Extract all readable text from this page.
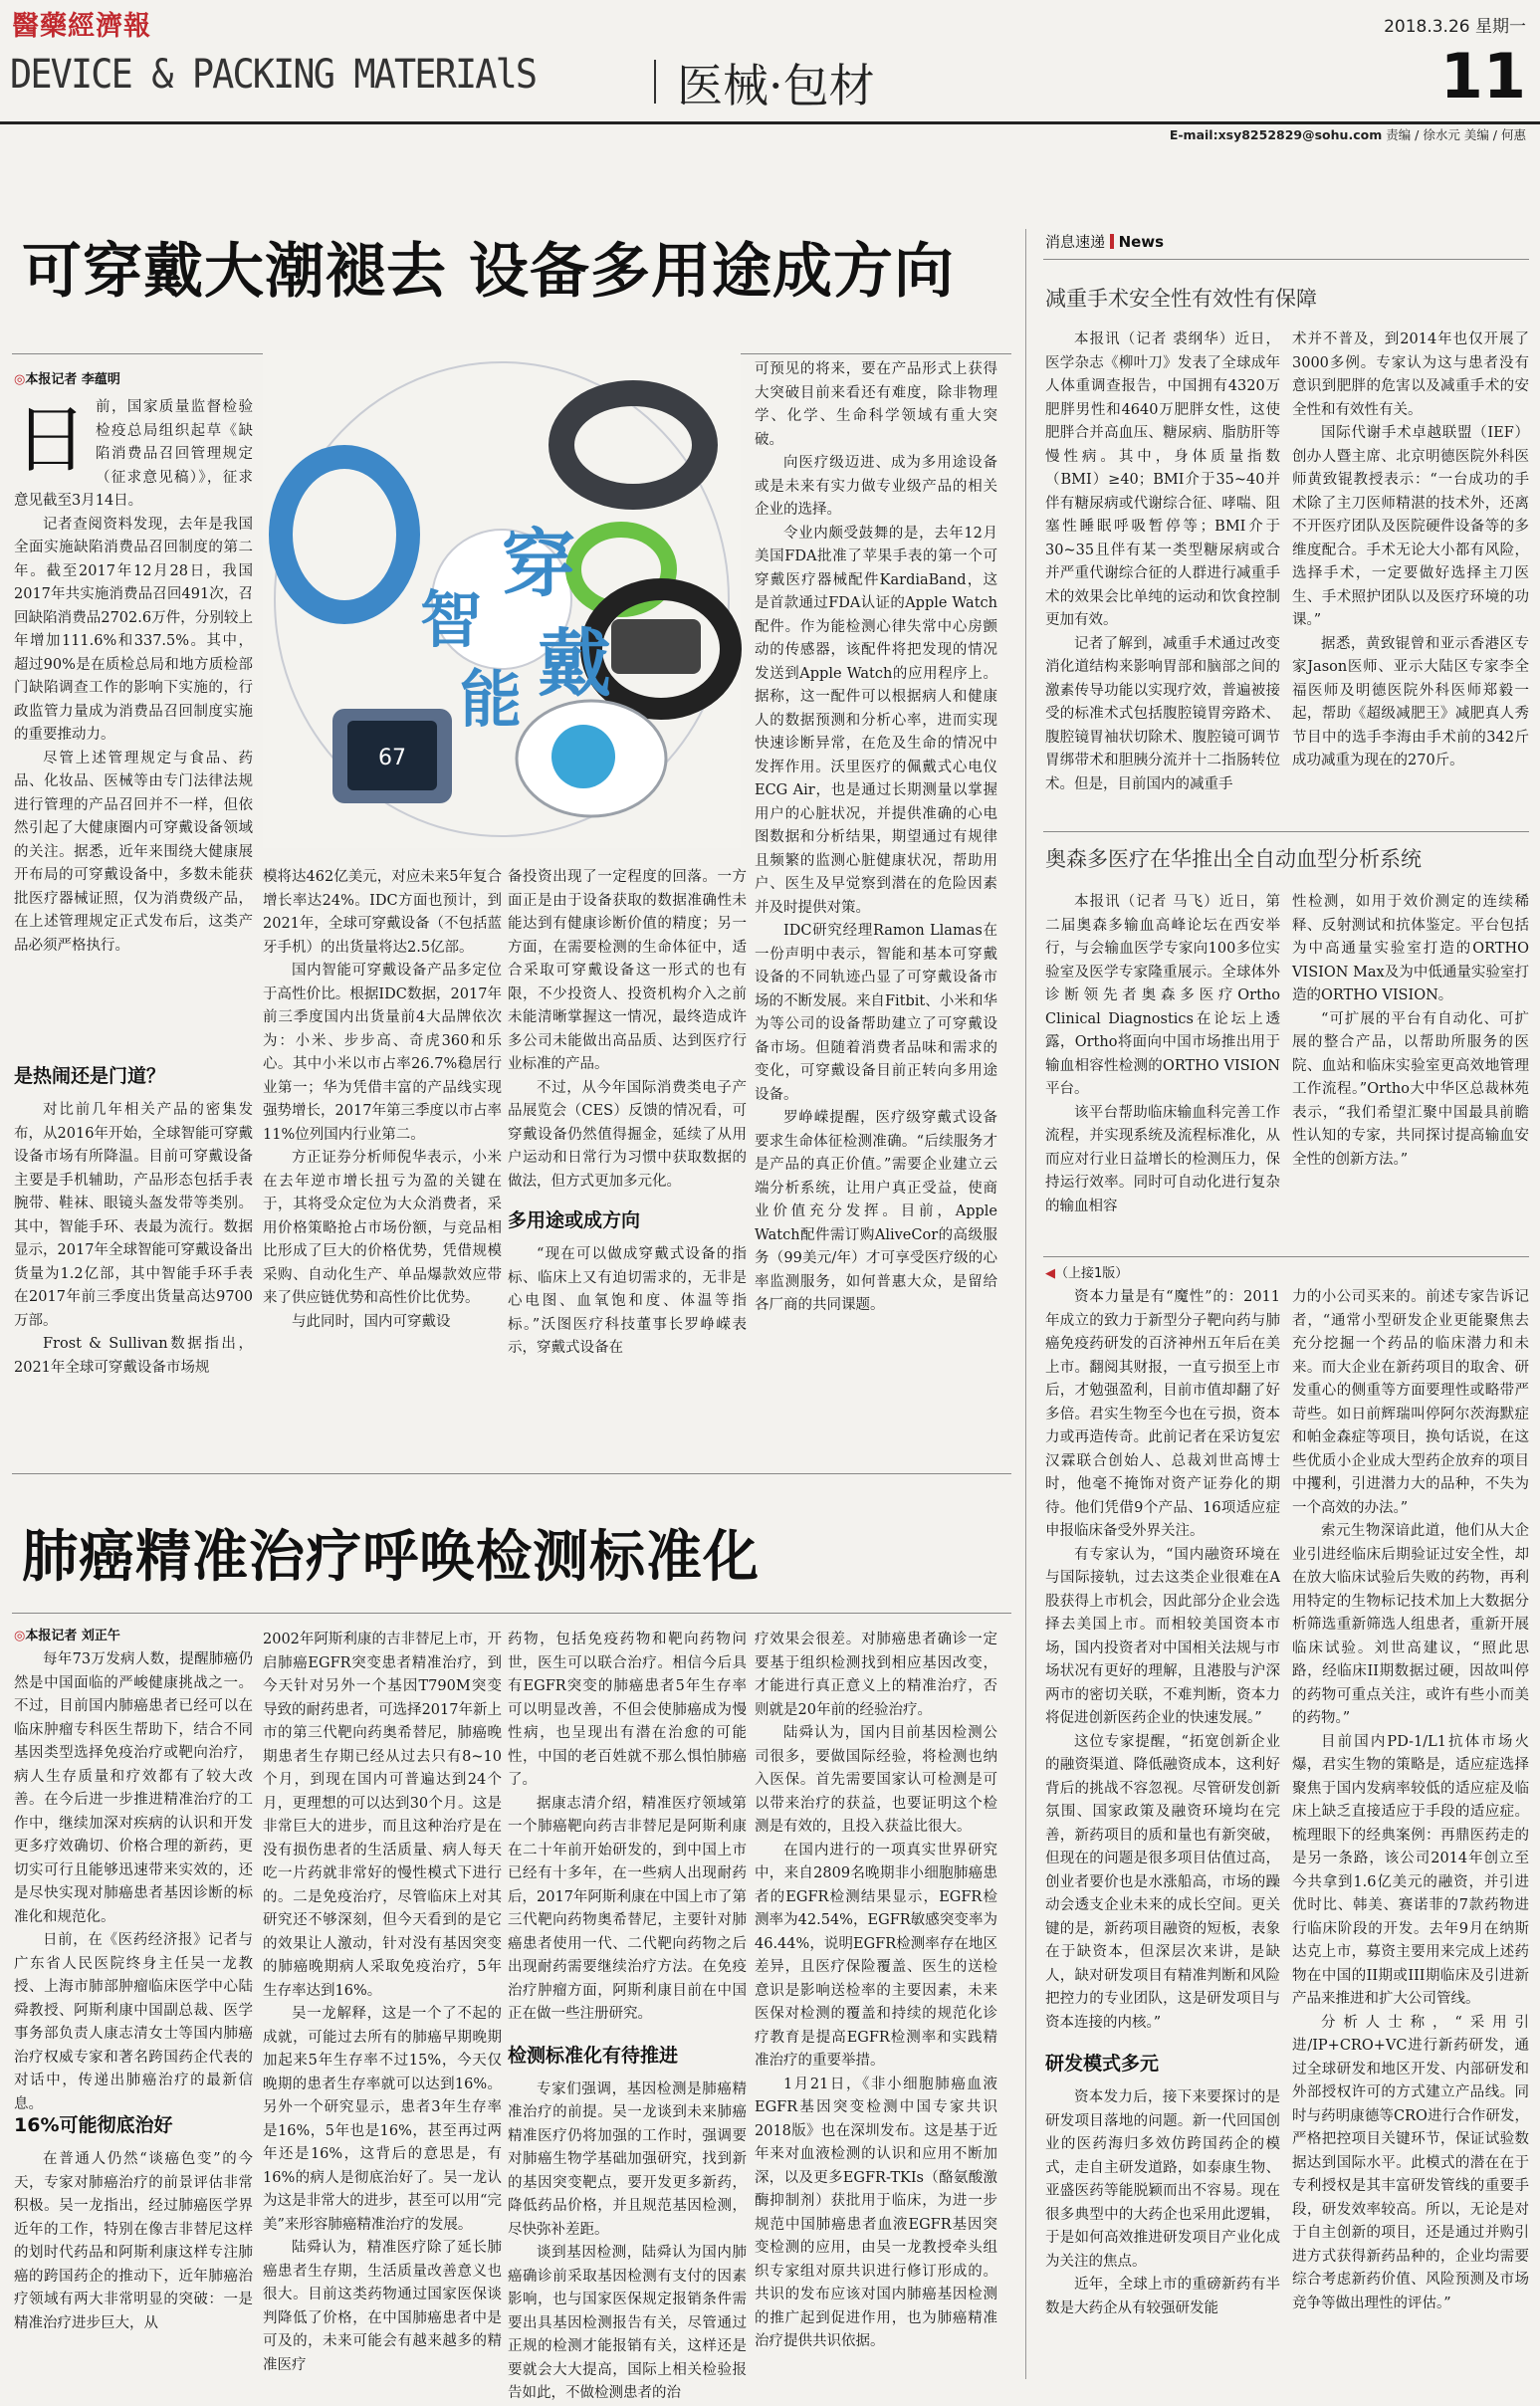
醫藥經濟報	2018.3.26 星期一
DEVICE & PACKING MATERIAlS	医械·包材	11
E-mail:xsy8252829@sohu.com 责编 / 徐水元 美编 / 何惠
可穿戴大潮褪去 设备多用途成方向
◎本报记者 李蕴明
日 前，国家质量监督检验检疫总局组织起草《缺陷消费品召回管理规定（征求意见稿）》，征求意见截至3月14日。

记者查阅资料发现，去年是我国全面实施缺陷消费品召回制度的第二年。截至2017年12月28日，我国2017年共实施消费品召回491次，召回缺陷消费品2702.6万件，分别较上年增加111.6%和337.5%。其中，超过90%是在质检总局和地方质检部门缺陷调查工作的影响下实施的，行政监管力量成为消费品召回制度实施的重要推动力。

尽管上述管理规定与食品、药品、化妆品、医械等由专门法律法规进行管理的产品召回并不一样，但依然引起了大健康圈内可穿戴设备领域的关注。据悉，近年来围绕大健康展开布局的可穿戴设备中，多数未能获批医疗器械证照，仅为消费级产品，在上述管理规定正式发布后，这类产品必须严格执行。

是热闹还是门道？

对比前几年相关产品的密集发布，从2016年开始，全球智能可穿戴设备市场有所降温。目前可穿戴设备主要是手机辅助，产品形态包括手表腕带、鞋袜、眼镜头盔发带等类别。其中，智能手环、表最为流行。数据显示，2017年全球智能可穿戴设备出货量为1.2亿部，其中智能手环手表在2017年前三季度出货量高达9700万部。

Frost & Sullivan数据指出，2021年全球可穿戴设备市场规

67
智
能
穿
戴

模将达462亿美元，对应未来5年复合增长率达24%。IDC方面也预计，到2021年，全球可穿戴设备（不包括蓝牙手机）的出货量将达2.5亿部。

国内智能可穿戴设备产品多定位于高性价比。根据IDC数据，2017年前三季度国内出货量前4大品牌依次为：小米、步步高、奇虎360和乐心。其中小米以市占率26.7%稳居行业第一；华为凭借丰富的产品线实现强势增长，2017年第三季度以市占率11%位列国内行业第二。

方正证券分析师倪华表示，小米在去年逆市增长扭亏为盈的关键在于，其将受众定位为大众消费者，采用价格策略抢占市场份额，与竞品相比形成了巨大的价格优势，凭借规模采购、自动化生产、单品爆款效应带来了供应链优势和高性价比优势。

与此同时，国内可穿戴设

备投资出现了一定程度的回落。一方面正是由于设备获取的数据准确性未能达到有健康诊断价值的精度；另一方面，在需要检测的生命体征中，适合采取可穿戴设备这一形式的也有限，不少投资人、投资机构介入之前未能清晰掌握这一情况，最终造成许多公司未能做出高品质、达到医疗行业标准的产品。

不过，从今年国际消费类电子产品展览会（CES）反馈的情况看，可穿戴设备仍然值得掘金，延续了从用户运动和日常行为习惯中获取数据的做法，但方式更加多元化。

多用途或成方向

“现在可以做成穿戴式设备的指标、临床上又有迫切需求的，无非是心电图、血氧饱和度、体温等指标。”沃图医疗科技董事长罗峥嵘表示，穿戴式设备在

可预见的将来，要在产品形式上获得大突破目前来看还有难度，除非物理学、化学、生命科学领域有重大突破。

向医疗级迈进、成为多用途设备或是未来有实力做专业级产品的相关企业的选择。

令业内颇受鼓舞的是，去年12月美国FDA批准了苹果手表的第一个可穿戴医疗器械配件KardiaBand，这是首款通过FDA认证的Apple Watch配件。作为能检测心律失常中心房颤动的传感器，该配件将把发现的情况发送到Apple Watch的应用程序上。据称，这一配件可以根据病人和健康人的数据预测和分析心率，进而实现快速诊断异常，在危及生命的情况中发挥作用。沃里医疗的佩戴式心电仪ECG Air，也是通过长期测量以掌握用户的心脏状况，并提供准确的心电图数据和分析结果，期望通过有规律且频繁的监测心脏健康状况，帮助用户、医生及早觉察到潜在的危险因素并及时提供对策。

IDC研究经理Ramon Llamas在一份声明中表示，智能和基本可穿戴设备的不同轨迹凸显了可穿戴设备市场的不断发展。来自Fitbit、小米和华为等公司的设备帮助建立了可穿戴设备市场。但随着消费者品味和需求的变化，可穿戴设备目前正转向多用途设备。

罗峥嵘提醒，医疗级穿戴式设备要求生命体征检测准确。“后续服务才是产品的真正价值。”需要企业建立云端分析系统，让用户真正受益，使商业价值充分发挥。目前，Apple Watch配件需订购AliveCor的高级服务（99美元/年）才可享受医疗级的心率监测服务，如何普惠大众，是留给各厂商的共同课题。

消息速递 News
减重手术安全性有效性有保障

本报讯（记者 裘纲华）近日，医学杂志《柳叶刀》发表了全球成年人体重调查报告，中国拥有4320万肥胖男性和4640万肥胖女性，这使肥胖合并高血压、糖尿病、脂肪肝等慢性病。其中，身体质量指数（BMI）≥40；BMI介于35~40并伴有糖尿病或代谢综合征、哮喘、阻塞性睡眠呼吸暂停等；BMI介于30~35且伴有某一类型糖尿病或合并严重代谢综合征的人群进行减重手术的效果会比单纯的运动和饮食控制更加有效。

记者了解到，减重手术通过改变消化道结构来影响胃部和脑部之间的激素传导功能以实现疗效，普遍被接受的标准术式包括腹腔镜胃旁路术、腹腔镜胃袖状切除术、腹腔镜可调节胃绑带术和胆胰分流并十二指肠转位术。但是，目前国内的减重手

术并不普及，到2014年也仅开展了3000多例。专家认为这与患者没有意识到肥胖的危害以及减重手术的安全性和有效性有关。

国际代谢手术卓越联盟（IEF）创办人暨主席、北京明德医院外科医师黄致锟教授表示：“一台成功的手术除了主刀医师精湛的技术外，还离不开医疗团队及医院硬件设备等的多维度配合。手术无论大小都有风险，选择手术，一定要做好选择主刀医生、手术照护团队以及医疗环境的功课。”

据悉，黄致锟曾和亚示香港区专家Jason医师、亚示大陆区专家李全福医师及明德医院外科医师郑毅一起，帮助《超级减肥王》减肥真人秀节目中的选手李海由手术前的342斤成功减重为现在的270斤。

奥森多医疗在华推出全自动血型分析系统

本报讯（记者 马飞）近日，第二届奥森多输血高峰论坛在西安举行，与会输血医学专家向100多位实验室及医学专家隆重展示。全球体外诊断领先者奥森多医疗Ortho Clinical Diagnostics在论坛上透露，Ortho将面向中国市场推出用于输血相容性检测的ORTHO VISION平台。

该平台帮助临床输血科完善工作流程，并实现系统及流程标准化，从而应对行业日益增长的检测压力，保持运行效率。同时可自动化进行复杂的输血相容

性检测，如用于效价测定的连续稀释、反射测试和抗体鉴定。平台包括为中高通量实验室打造的ORTHO VISION Max及为中低通量实验室打造的ORTHO VISION。

“可扩展的平台有自动化、可扩展的整合产品，以帮助所服务的医院、血站和临床实验室更高效地管理工作流程。”Ortho大中华区总裁林苑表示，“我们希望汇聚中国最具前瞻性认知的专家，共同探讨提高输血安全性的创新方法。”

◀（上接1版）

资本力量是有“魔性”的：2011年成立的致力于新型分子靶向药与肺癌免疫药研发的百济神州五年后在美上市。翻阅其财报，一直亏损至上市后，才勉强盈利，目前市值却翻了好多倍。君实生物至今也在亏损，资本力或再造传奇。此前记者在采访复宏汉霖联合创始人、总裁刘世高博士时，他毫不掩饰对资产证券化的期待。他们凭借9个产品、16项适应症申报临床备受外界关注。

有专家认为，“国内融资环境在与国际接轨，过去这类企业很难在A股获得上市机会，因此部分企业会选择去美国上市。而相较美国资本市场，国内投资者对中国相关法规与市场状况有更好的理解，且港股与沪深两市的密切关联，不难判断，资本力将促进创新医药企业的快速发展。”

这位专家提醒，“拓宽创新企业的融资渠道、降低融资成本，这利好背后的挑战不容忽视。尽管研发创新氛围、国家政策及融资环境均在完善，新药项目的质和量也有新突破，但现在的问题是很多项目估值过高，创业者要价也是水涨船高，市场的躁动会透支企业未来的成长空间。更关键的是，新药项目融资的短板，表象在于缺资本，但深层次来讲，是缺人，缺对研发项目有精准判断和风险把控力的专业团队，这是研发项目与资本连接的内核。”

研发模式多元

资本发力后，接下来要探讨的是研发项目落地的问题。新一代回国创业的医药海归多效仿跨国药企的模式，走自主研发道路，如泰康生物、亚盛医药等能脱颖而出不容易。现在很多典型中的大药企也采用此逻辑，于是如何高效推进研发项目产业化成为关注的焦点。

近年，全球上市的重磅新药有半数是大药企从有较强研发能

力的小公司买来的。前述专家告诉记者，“通常小型研发企业更能聚焦去充分挖掘一个药品的临床潜力和未来。而大企业在新药项目的取舍、研发重心的侧重等方面要理性或略带严苛些。如日前辉瑞叫停阿尔茨海默症和帕金森症等项目，换句话说，在这些优质小企业成大型药企放弃的项目中攫利，引进潜力大的品种，不失为一个高效的办法。”

索元生物深谙此道，他们从大企业引进经临床后期验证过安全性，却在放大临床试验后失败的药物，再利用特定的生物标记技术加上大数据分析筛选重新筛选人组患者，重新开展临床试验。刘世高建议，“照此思路，经临床II期数据过硬，因故叫停的药物可重点关注，或许有些小而美的药物。”

目前国内PD-1/L1抗体市场火爆，君实生物的策略是，适应症选择聚焦于国内发病率较低的适应症及临床上缺乏直接适应于手段的适应症。梳理眼下的经典案例：再鼎医药走的是另一条路，该公司2014年创立至今共拿到1.6亿美元的融资，并引进优时比、韩美、赛诺菲的7款药物进行临床阶段的开发。去年9月在纳斯达克上市，募资主要用来完成上述药物在中国的II期或III期临床及引进新产品来推进和扩大公司管线。

分析人士称，“采用引进/IP+CRO+VC进行新药研发，通过全球研发和地区开发、内部研发和外部授权许可的方式建立产品线。同时与药明康德等CRO进行合作研发，严格把控项目关键环节，保证试验数据达到国际水平。此模式的潜在在于专利授权是其丰富研发管线的重要手段，研发效率较高。所以，无论是对于自主创新的项目，还是通过并购引进方式获得新药品种的，企业均需要综合考虑新药价值、风险预测及市场竞争等做出理性的评估。”

肺癌精准治疗呼唤检测标准化
◎本报记者 刘正午

每年73万发病人数，提醒肺癌仍然是中国面临的严峻健康挑战之一。不过，目前国内肺癌患者已经可以在临床肿瘤专科医生帮助下，结合不同基因类型选择免疫治疗或靶向治疗，病人生存质量和疗效都有了较大改善。在今后进一步推进精准治疗的工作中，继续加深对疾病的认识和开发更多疗效确切、价格合理的新药，更切实可行且能够迅速带来实效的，还是尽快实现对肺癌患者基因诊断的标准化和规范化。

日前，在《医药经济报》记者与广东省人民医院终身主任吴一龙教授、上海市肺部肿瘤临床医学中心陆舜教授、阿斯利康中国副总裁、医学事务部负责人康志清女士等国内肺癌治疗权威专家和著名跨国药企代表的对话中，传递出肺癌治疗的最新信息。

16%可能彻底治好

在普通人仍然“谈癌色变”的今天，专家对肺癌治疗的前景评估非常积极。吴一龙指出，经过肺癌医学界近年的工作，特别在像吉非替尼这样的划时代药品和阿斯利康这样专注肺癌的跨国药企的推动下，近年肺癌治疗领域有两大非常明显的突破：一是精准治疗进步巨大，从

2002年阿斯利康的吉非替尼上市，开启肺癌EGFR突变患者精准治疗，到今天针对另外一个基因T790M突变导致的耐药患者，可选择2017年新上市的第三代靶向药奥希替尼，肺癌晚期患者生存期已经从过去只有8~10个月，到现在国内可普遍达到24个月，更理想的可以达到30个月。这是非常巨大的进步，而且这种治疗是在没有损伤患者的生活质量、病人每天吃一片药就非常好的慢性模式下进行的。二是免疫治疗，尽管临床上对其研究还不够深刻，但今天看到的是它的效果让人激动，针对没有基因突变的肺癌晚期病人采取免疫治疗，5年生存率达到16%。

吴一龙解释，这是一个了不起的成就，可能过去所有的肺癌早期晚期加起来5年生存率不过15%，今天仅晚期的患者生存率就可以达到16%。另外一个研究显示，患者3年生存率是16%，5年也是16%，甚至再过两年还是16%，这背后的意思是，有16%的病人是彻底治好了。吴一龙认为这是非常大的进步，甚至可以用“完美”来形容肺癌精准治疗的发展。

陆舜认为，精准医疗除了延长肺癌患者生存期，生活质量改善意义也很大。目前这类药物通过国家医保谈判降低了价格，在中国肺癌患者中是可及的，未来可能会有越来越多的精准医疗

药物，包括免疫药物和靶向药物问世，医生可以联合治疗。相信今后具有EGFR突变的肺癌患者5年生存率可以明显改善，不但会使肺癌成为慢性病，也呈现出有潜在治愈的可能性，中国的老百姓就不那么惧怕肺癌了。

据康志清介绍，精准医疗领域第一个肺癌靶向药吉非替尼是阿斯利康在二十年前开始研发的，到中国上市已经有十多年，在一些病人出现耐药后，2017年阿斯利康在中国上市了第三代靶向药物奥希替尼，主要针对肺癌患者使用一代、二代靶向药物之后出现耐药需要继续治疗方法。在免疫治疗肿瘤方面，阿斯利康目前在中国正在做一些注册研究。

检测标准化有待推进

专家们强调，基因检测是肺癌精准治疗的前提。吴一龙谈到未来肺癌精准医疗仍将加强的工作时，强调要对肺癌生物学基础加强研究，找到新的基因突变靶点，要开发更多新药，降低药品价格，并且规范基因检测，尽快弥补差距。

谈到基因检测，陆舜认为国内肺癌确诊前采取基因检测有支付的因素影响，也与国家医保规定报销条件需要出具基因检测报告有关，尽管通过正规的检测才能报销有关，这样还是要就会大大提高，国际上相关检验报告如此，不做检测患者的治

疗效果会很差。对肺癌患者确诊一定要基于组织检测找到相应基因改变，才能进行真正意义上的精准治疗，否则就是20年前的经验治疗。

陆舜认为，国内目前基因检测公司很多，要做国际经验，将检测也纳入医保。首先需要国家认可检测是可以带来治疗的获益，也要证明这个检测是有效的，且投入获益比很大。

在国内进行的一项真实世界研究中，来自2809名晚期非小细胞肺癌患者的EGFR检测结果显示，EGFR检测率为42.54%，EGFR敏感突变率为46.44%，说明EGFR检测率存在地区差异，且医疗保险覆盖、医生的送检意识是影响送检率的主要因素，未来医保对检测的覆盖和持续的规范化诊疗教育是提高EGFR检测率和实践精准治疗的重要举措。

1月21日，《非小细胞肺癌血液EGFR基因突变检测中国专家共识2018版》也在深圳发布。这是基于近年来对血液检测的认识和应用不断加深，以及更多EGFR-TKIs（酪氨酸激酶抑制剂）获批用于临床，为进一步规范中国肺癌患者血液EGFR基因突变检测的应用，由吴一龙教授牵头组织专家组对原共识进行修订形成的。共识的发布应该对国内肺癌基因检测的推广起到促进作用，也为肺癌精准治疗提供共识依据。
